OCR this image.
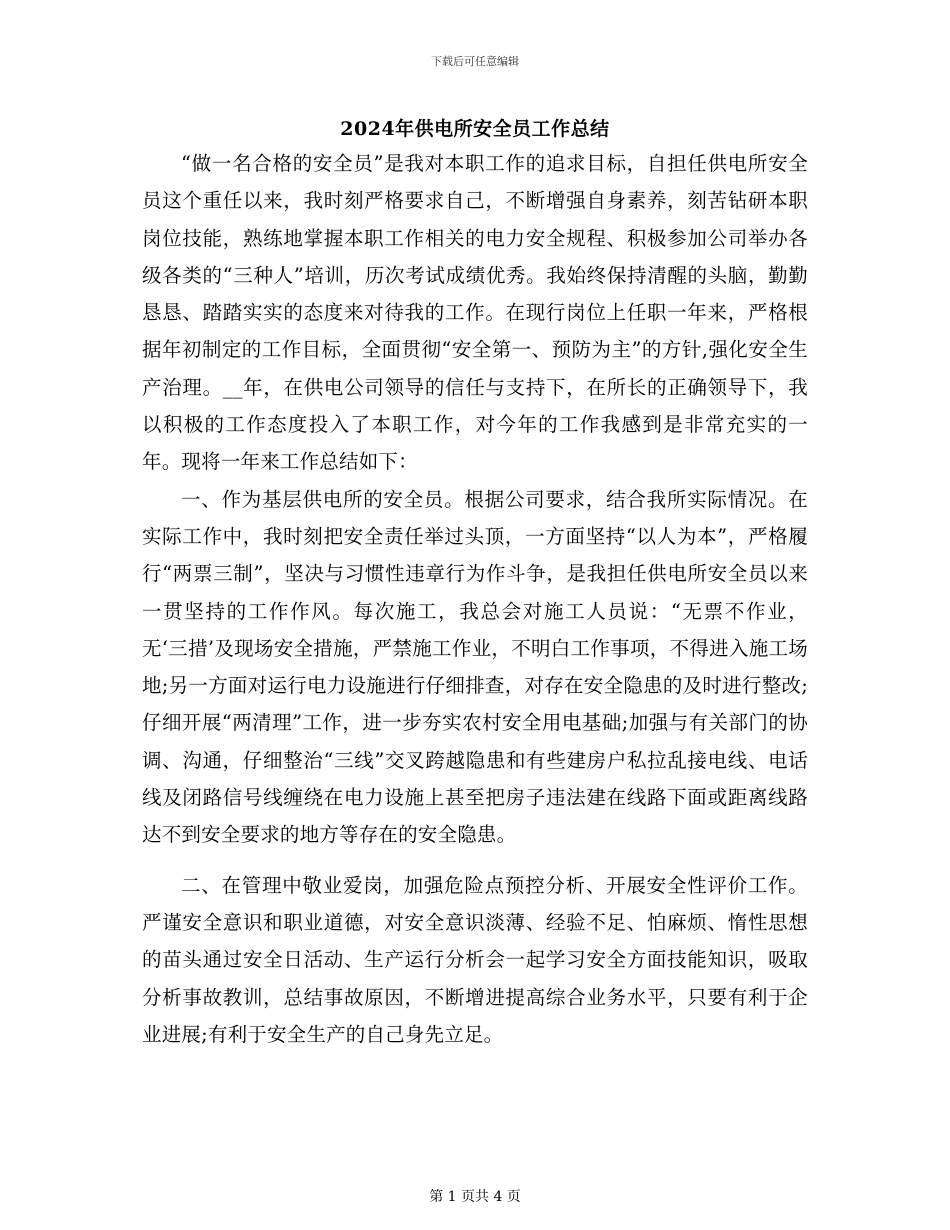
下载后可任意编辑
2024年供电所安全员工作总结

“做一名合格的安全员”是我对本职工作的追求目标，自担任供电所安全员这个重任以来，我时刻严格要求自己，不断增强自身素养，刻苦钻研本职岗位技能，熟练地掌握本职工作相关的电力安全规程、积极参加公司举办各级各类的“三种人”培训，历次考试成绩优秀。我始终保持清醒的头脑，勤勤恳恳、踏踏实实的态度来对待我的工作。在现行岗位上任职一年来，严格根据年初制定的工作目标，全面贯彻“安全第一、预防为主”的方针,强化安全生产治理。__年，在供电公司领导的信任与支持下，在所长的正确领导下，我以积极的工作态度投入了本职工作，对今年的工作我感到是非常充实的一年。现将一年来工作总结如下：

一、作为基层供电所的安全员。根据公司要求，结合我所实际情况。在实际工作中，我时刻把安全责任举过头顶，一方面坚持“以人为本”，严格履行“两票三制”，坚决与习惯性违章行为作斗争，是我担任供电所安全员以来一贯坚持的工作作风。每次施工，我总会对施工人员说：“无票不作业，无‘三措’及现场安全措施，严禁施工作业，不明白工作事项，不得进入施工场地;另一方面对运行电力设施进行仔细排查，对存在安全隐患的及时进行整改;仔细开展“两清理”工作，进一步夯实农村安全用电基础;加强与有关部门的协调、沟通，仔细整治“三线”交叉跨越隐患和有些建房户私拉乱接电线、电话线及闭路信号线缠绕在电力设施上甚至把房子违法建在线路下面或距离线路达不到安全要求的地方等存在的安全隐患。

二、在管理中敬业爱岗，加强危险点预控分析、开展安全性评价工作。严谨安全意识和职业道德，对安全意识淡薄、经验不足、怕麻烦、惰性思想的苗头通过安全日活动、生产运行分析会一起学习安全方面技能知识，吸取分析事故教训，总结事故原因，不断增进提高综合业务水平，只要有利于企业进展;有利于安全生产的自己身先立足。

第 1 页共 4 页
